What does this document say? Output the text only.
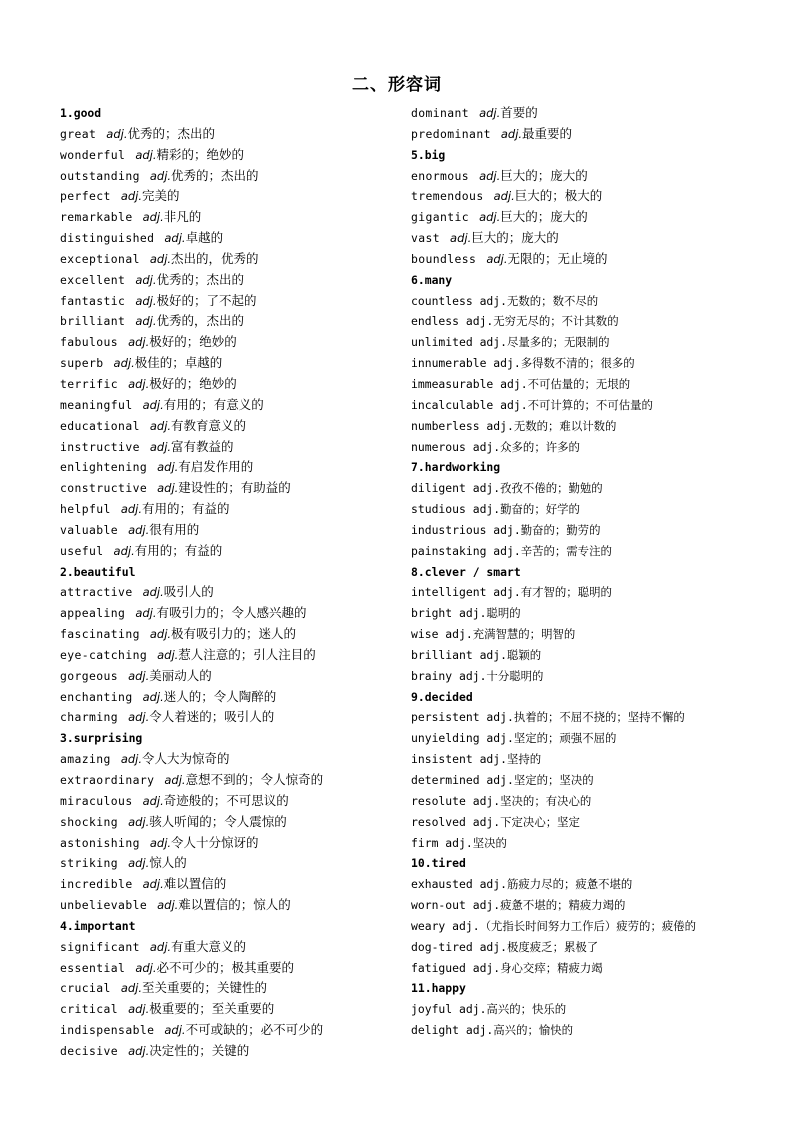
二、形容词
1.good
great adj.优秀的；杰出的
wonderful adj.精彩的；绝妙的
outstanding adj.优秀的；杰出的
perfect adj.完美的
remarkable adj.非凡的
distinguished adj.卓越的
exceptional adj.杰出的，优秀的
excellent adj.优秀的；杰出的
fantastic adj.极好的；了不起的
brilliant adj.优秀的，杰出的
fabulous adj.极好的；绝妙的
superb adj.极佳的；卓越的
terrific adj.极好的；绝妙的
meaningful adj.有用的；有意义的
educational adj.有教育意义的
instructive adj.富有教益的
enlightening adj.有启发作用的
constructive adj.建设性的；有助益的
helpful adj.有用的；有益的
valuable adj.很有用的
useful adj.有用的；有益的
2.beautiful
attractive adj.吸引人的
appealing adj.有吸引力的；令人感兴趣的
fascinating adj.极有吸引力的；迷人的
eye-catching adj.惹人注意的；引人注目的
gorgeous adj.美丽动人的
enchanting adj.迷人的；令人陶醉的
charming adj.令人着迷的；吸引人的
3.surprising
amazing adj.令人大为惊奇的
extraordinary adj.意想不到的；令人惊奇的
miraculous adj.奇迹般的；不可思议的
shocking adj.骇人听闻的；令人震惊的
astonishing adj.令人十分惊讶的
striking adj.惊人的
incredible adj.难以置信的
unbelievable adj.难以置信的；惊人的
4.important
significant adj.有重大意义的
essential adj.必不可少的；极其重要的
crucial adj.至关重要的；关键性的
critical adj.极重要的；至关重要的
indispensable adj.不可或缺的；必不可少的
decisive adj.决定性的；关键的
dominant adj.首要的
predominant adj.最重要的
5.big
enormous adj.巨大的；庞大的
tremendous adj.巨大的；极大的
gigantic adj.巨大的；庞大的
vast adj.巨大的；庞大的
boundless adj.无限的；无止境的
6.many
countless adj.无数的；数不尽的
endless adj.无穷无尽的；不计其数的
unlimited adj.尽量多的；无限制的
innumerable adj.多得数不清的；很多的
immeasurable adj.不可估量的；无垠的
incalculable adj.不可计算的；不可估量的
numberless adj.无数的；难以计数的
numerous adj.众多的；许多的
7.hardworking
diligent adj.孜孜不倦的；勤勉的
studious adj.勤奋的；好学的
industrious adj.勤奋的；勤劳的
painstaking adj.辛苦的；需专注的
8.clever / smart
intelligent adj.有才智的；聪明的
bright adj.聪明的
wise adj.充满智慧的；明智的
brilliant adj.聪颖的
brainy adj.十分聪明的
9.decided
persistent adj.执着的；不屈不挠的；坚持不懈的
unyielding adj.坚定的；顽强不屈的
insistent adj.坚持的
determined adj.坚定的；坚决的
resolute adj.坚决的；有决心的
resolved adj.下定决心；坚定
firm adj.坚决的
10.tired
exhausted adj.筋疲力尽的；疲惫不堪的
worn-out adj.疲惫不堪的；精疲力竭的
weary adj.（尤指长时间努力工作后）疲劳的；疲倦的
dog-tired adj.极度疲乏；累极了
fatigued adj.身心交瘁；精疲力竭
11.happy
joyful adj.高兴的；快乐的
delight adj.高兴的；愉快的
